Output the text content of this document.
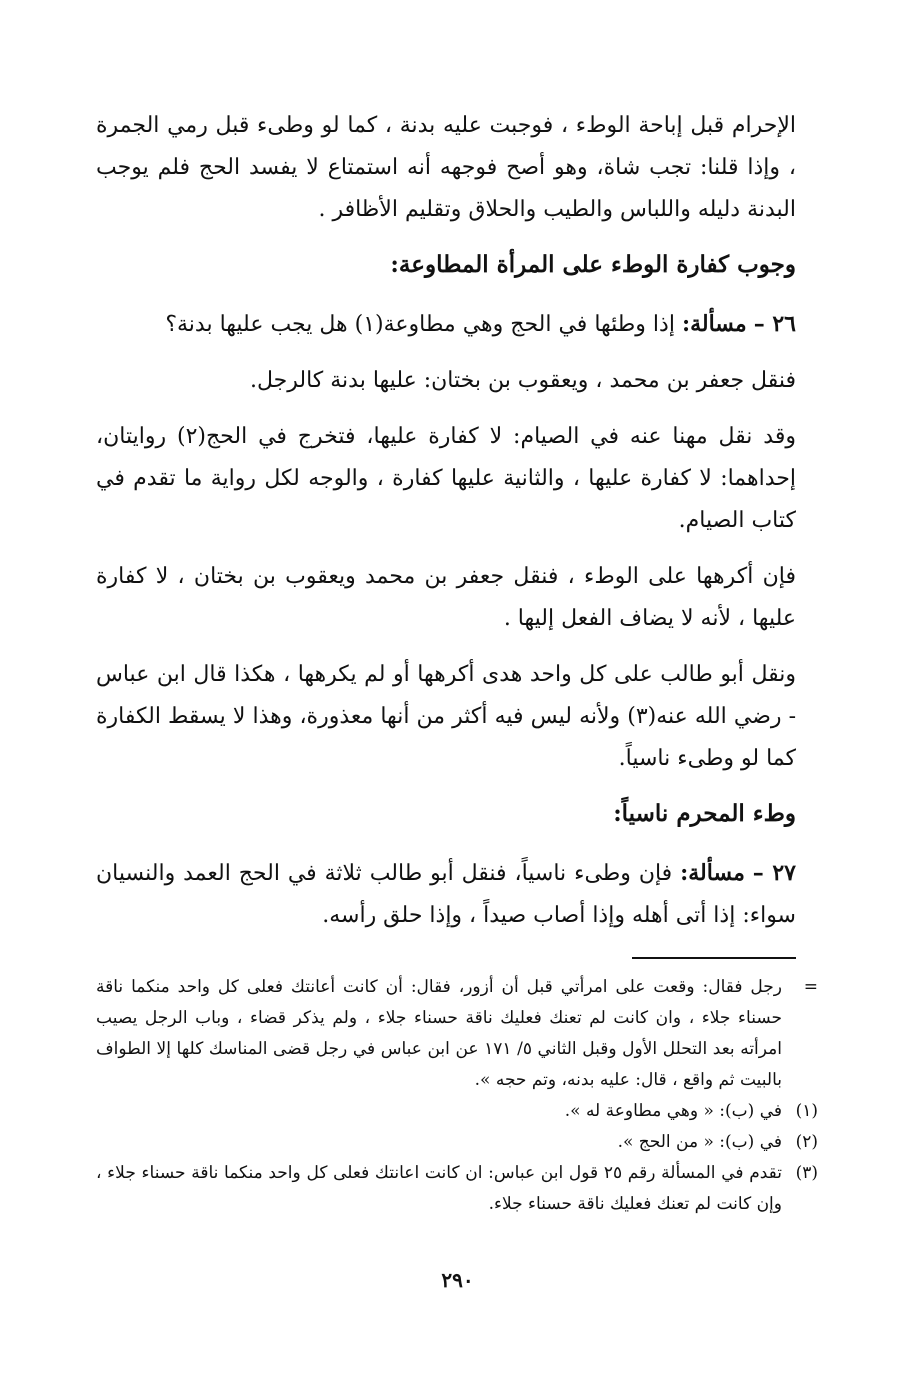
الإحرام قبل إباحة الوطء ، فوجبت عليه بدنة ، كما لو وطىء قبل رمي الجمرة ، وإذا قلنا: تجب شاة، وهو أصح فوجهه أنه استمتاع لا يفسد الحج فلم يوجب البدنة دليله واللباس والطيب والحلاق وتقليم الأظافر .

وجوب كفارة الوطء على المرأة المطاوعة:

٢٦ – مسألة: إذا وطئها في الحج وهي مطاوعة(١) هل يجب عليها بدنة؟

فنقل جعفر بن محمد ، ويعقوب بن بختان: عليها بدنة كالرجل.

وقد نقل مهنا عنه في الصيام: لا كفارة عليها، فتخرج في الحج(٢) روايتان، إحداهما: لا كفارة عليها ، والثانية عليها كفارة ، والوجه لكل رواية ما تقدم في كتاب الصيام.

فإن أكرهها على الوطء ، فنقل جعفر بن محمد ويعقوب بن بختان ، لا كفارة عليها ، لأنه لا يضاف الفعل إليها .

ونقل أبو طالب على كل واحد هدى أكرهها أو لم يكرهها ، هكذا قال ابن عباس - رضي الله عنه(٣) ولأنه ليس فيه أكثر من أنها معذورة، وهذا لا يسقط الكفارة كما لو وطىء ناسياً.

وطء المحرم ناسياً:

٢٧ – مسألة: فإن وطىء ناسياً، فنقل أبو طالب ثلاثة في الحج العمد والنسيان سواء: إذا أتى أهله وإذا أصاب صيداً ، وإذا حلق رأسه.

=
رجل فقال: وقعت على امرأتي قبل أن أزور، فقال: أن كانت أعانتك فعلى كل واحد منكما ناقة حسناء جلاء ، وان كانت لم تعنك فعليك ناقة حسناء جلاء ، ولم يذكر قضاء ، وباب الرجل يصيب امرأته بعد التحلل الأول وقبل الثاني ٥/ ١٧١ عن ابن عباس في رجل قضى المناسك كلها إلا الطواف بالبيت ثم واقع ، قال: عليه بدنه، وتم حجه ».
(١)
في (ب): « وهي مطاوعة له ».
(٢)
في (ب): « من الحج ».
(٣)
تقدم في المسألة رقم ٢٥ قول ابن عباس: ان كانت اعانتك فعلى كل واحد منكما ناقة حسناء جلاء ، وإن كانت لم تعنك فعليك ناقة حسناء جلاء.
٢٩٠
